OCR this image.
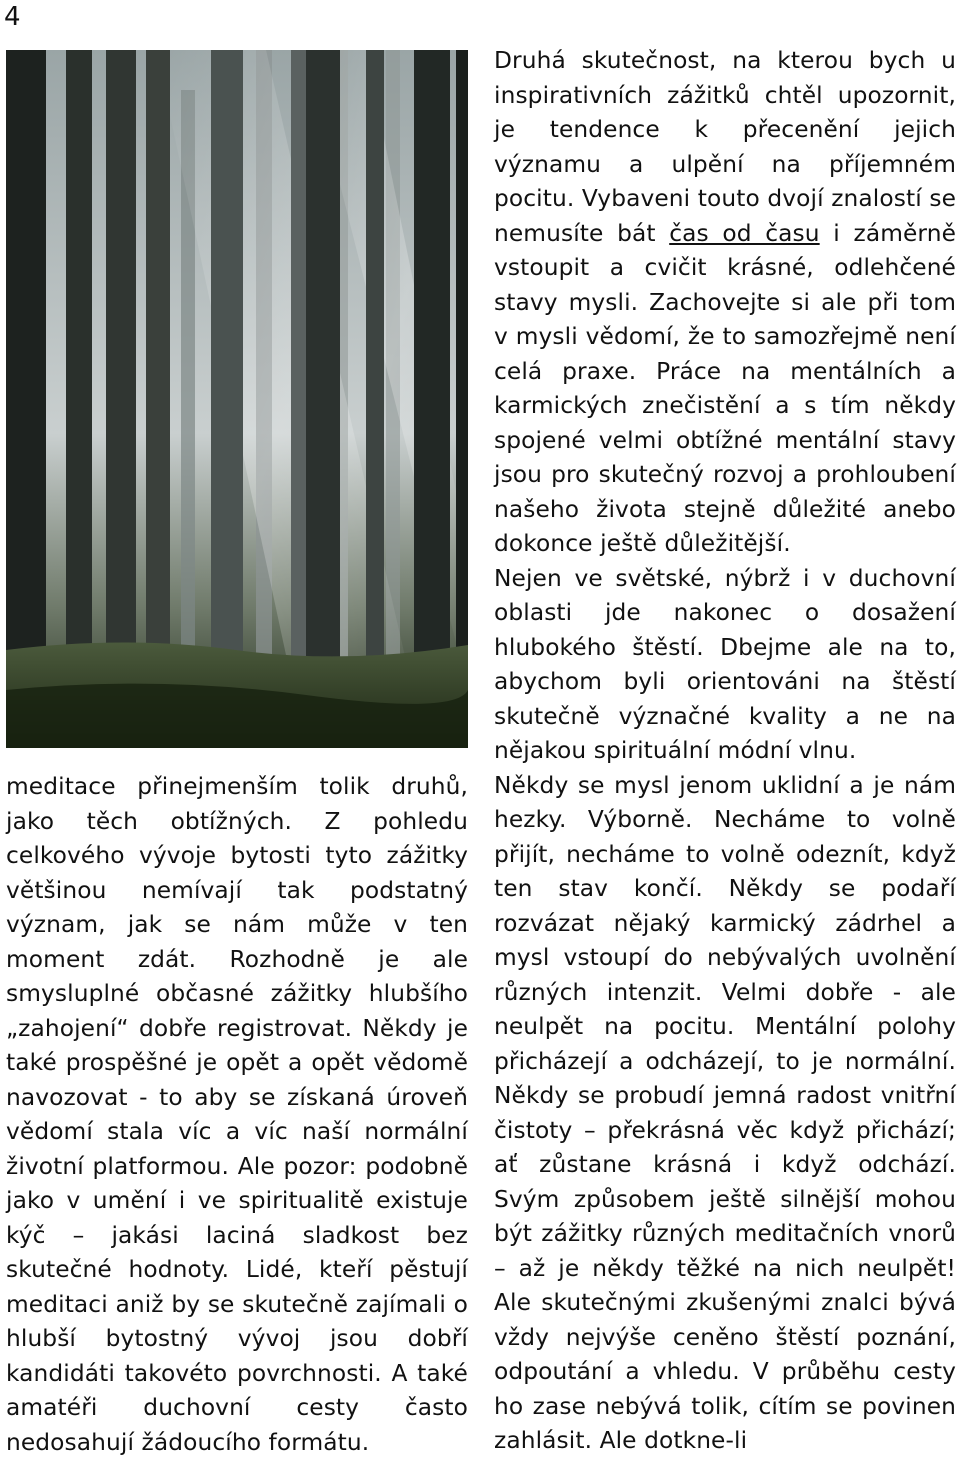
4

meditace přinejmenším tolik druhů, jako těch obtížných. Z pohledu celkového vývoje bytosti tyto zážitky většinou nemívají tak podstatný význam, jak se nám může v ten moment zdát. Rozhodně je ale smysluplné občasné zážitky hlubšího „zahojení“ dobře registrovat. Někdy je také prospěšné je opět a opět vědomě navozovat - to aby se získaná úroveň vědomí stala víc a víc naší normální životní platformou. Ale pozor: podobně jako v umění i ve spiritualitě existuje kýč – jakási laciná sladkost bez skutečné hodnoty. Lidé, kteří pěstují meditaci aniž by se skutečně zajímali o hlubší bytostný vývoj jsou dobří kandidáti takovéto povrchnosti. A také amatéři duchovní cesty často nedosahují žádoucího formátu.

Druhá skutečnost, na kterou bych u inspirativních zážitků chtěl upozornit, je tendence k přecenění jejich významu a ulpění na příjemném pocitu. Vybaveni touto dvojí znalostí se nemusíte bát čas od času i záměrně vstoupit a cvičit krásné, odlehčené stavy mysli. Zachovejte si ale při tom v mysli vědomí, že to samozřejmě není celá praxe. Práce na mentálních a karmických znečistění a s tím někdy spojené velmi obtížné mentální stavy jsou pro skutečný rozvoj a prohloubení našeho života stejně důležité anebo dokonce ještě důležitější.

Nejen ve světské, nýbrž i v duchovní oblasti jde nakonec o dosažení hlubokého štěstí. Dbejme ale na to, abychom byli orientováni na štěstí skutečně význačné kvality a ne na nějakou spirituální módní vlnu.

Někdy se mysl jenom uklidní a je nám hezky. Výborně. Necháme to volně přijít, necháme to volně odeznít, když ten stav končí. Někdy se podaří rozvázat nějaký karmický zádrhel a mysl vstoupí do nebývalých uvolnění různých intenzit. Velmi dobře - ale neulpět na pocitu. Mentální polohy přicházejí a odcházejí, to je normální. Někdy se probudí jemná radost vnitřní čistoty – překrásná věc když přichází; ať zůstane krásná i když odchází. Svým způsobem ještě silnější mohou být zážitky různých meditačních vnorů – až je někdy těžké na nich neulpět! Ale skutečnými zkušenými znalci bývá vždy nejvýše ceněno štěstí poznání, odpoutání a vhledu. V průběhu cesty ho zase nebývá tolik, cítím se povinen zahlásit. Ale dotkne-li
